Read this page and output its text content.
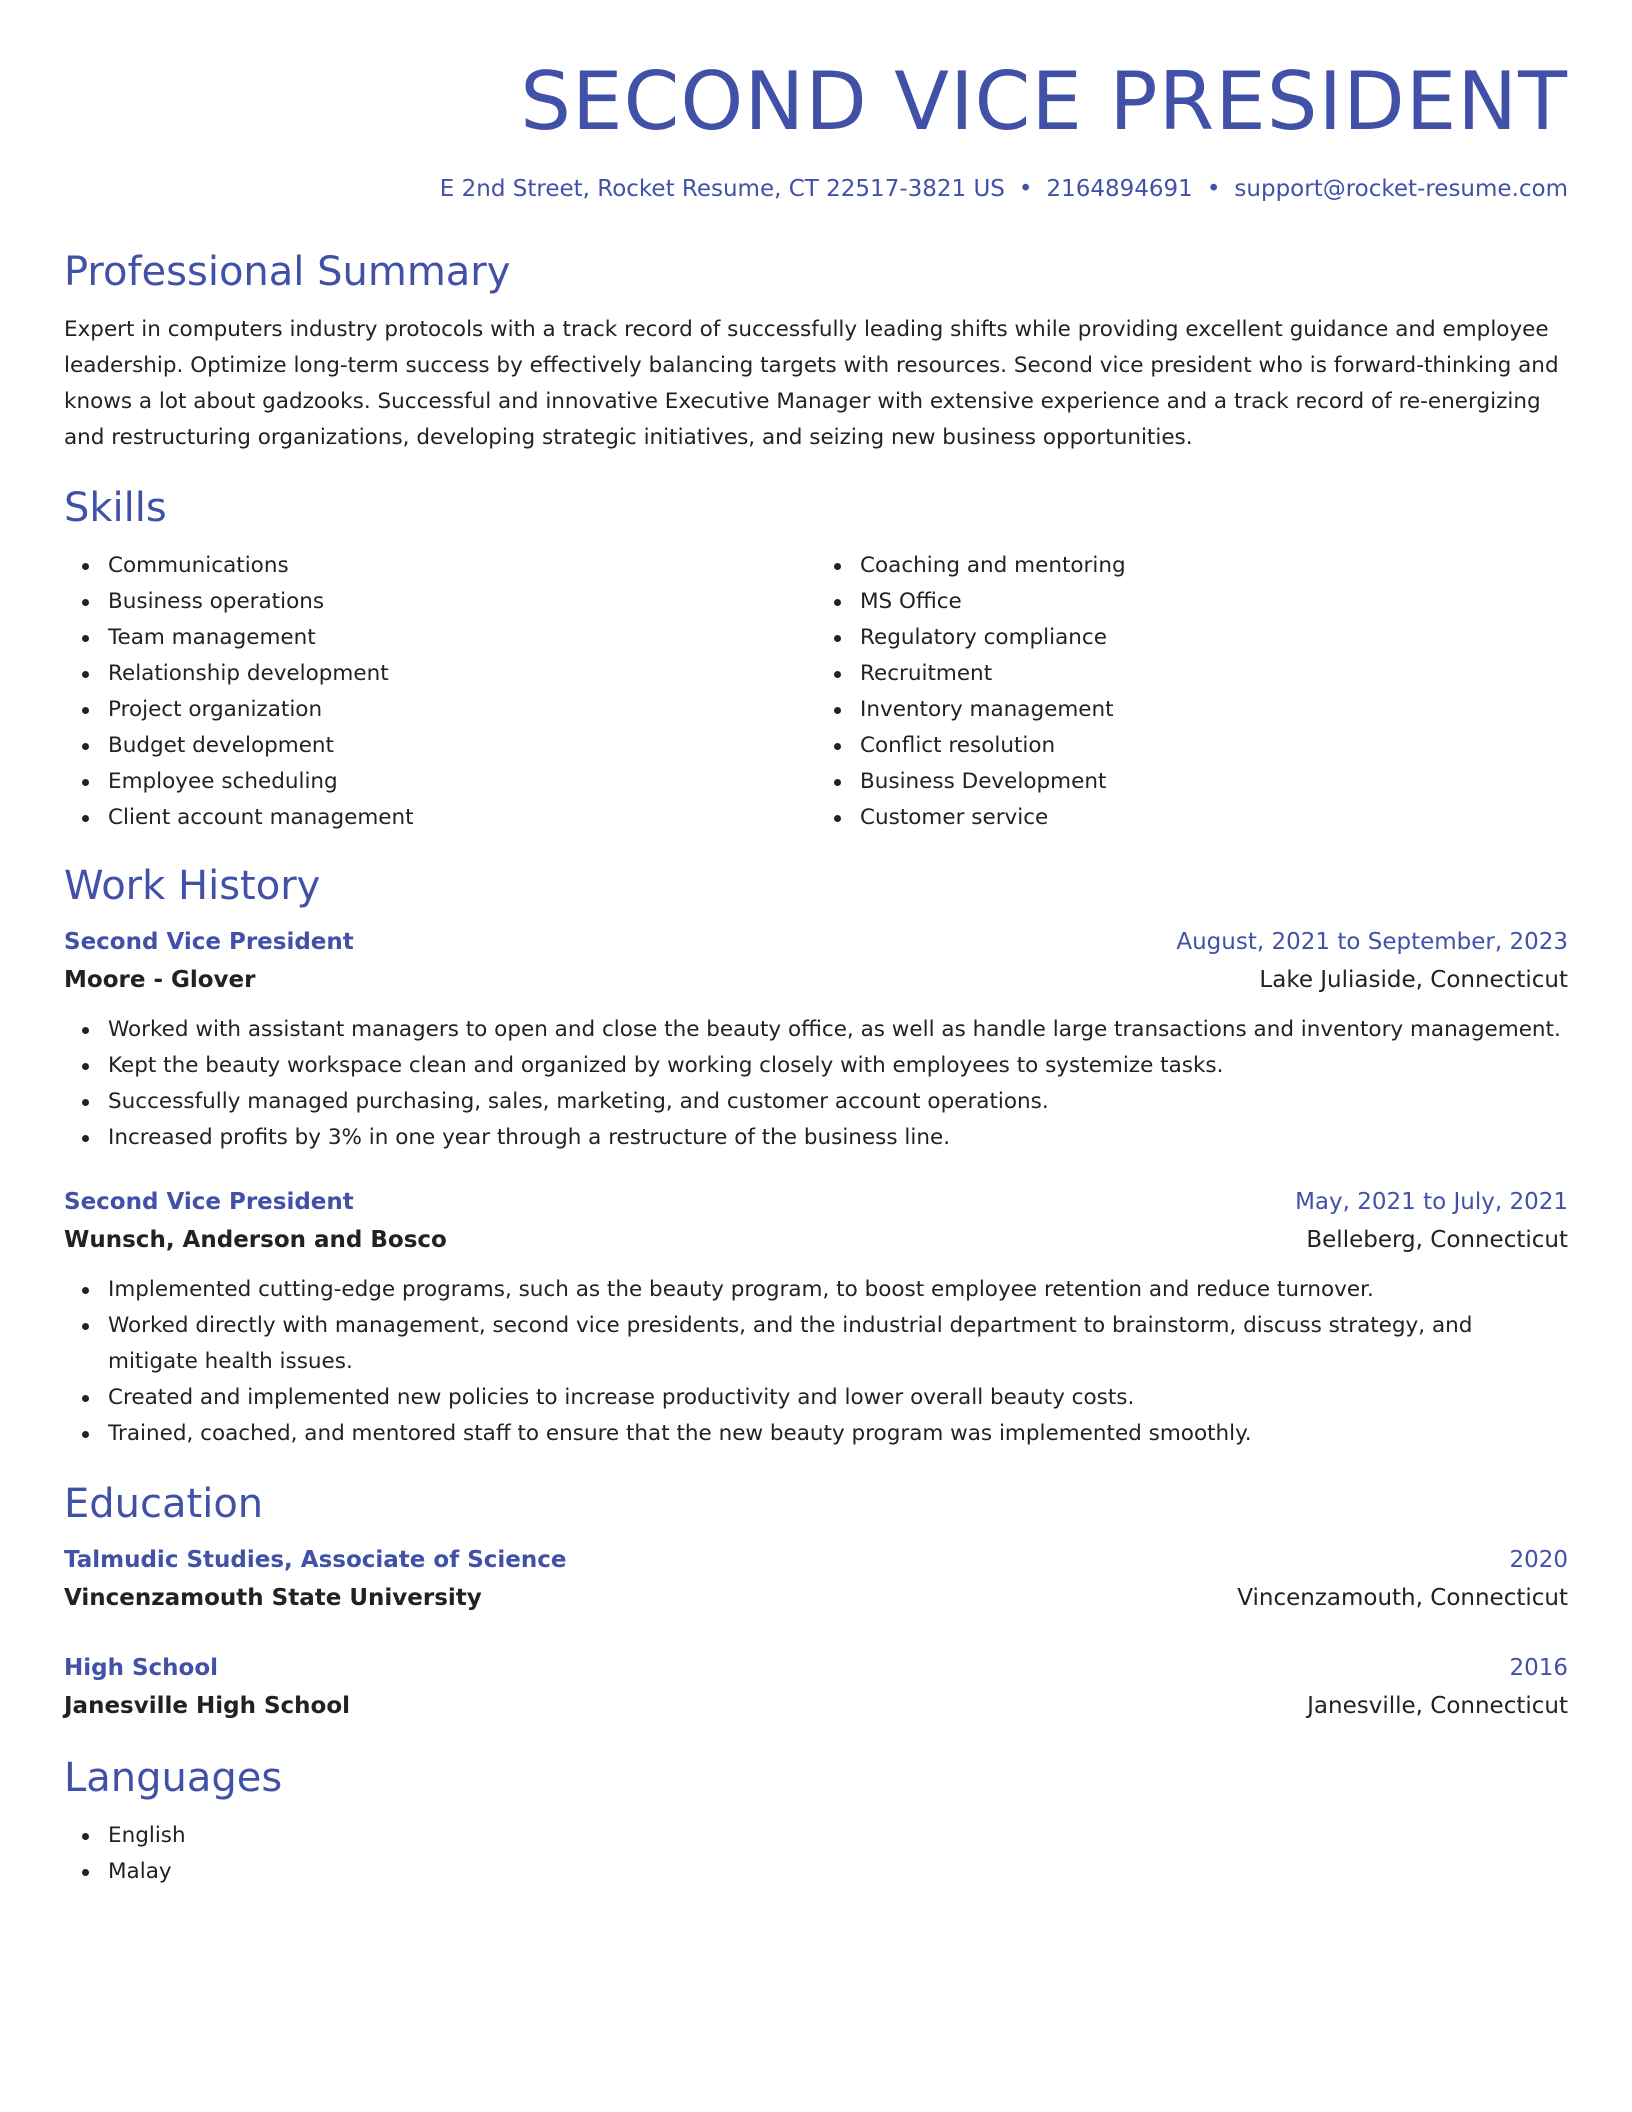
SECOND VICE PRESIDENT
E 2nd Street, Rocket Resume, CT 22517-3821 US • 2164894691 • support@rocket-resume.com
Professional Summary

Expert in computers industry protocols with a track record of successfully leading shifts while providing excellent guidance and employee leadership. Optimize long-term success by effectively balancing targets with resources. Second vice president who is forward-thinking and knows a lot about gadzooks. Successful and innovative Executive Manager with extensive experience and a track record of re-energizing and restructuring organizations, developing strategic initiatives, and seizing new business opportunities.

Skills
Communications
Business operations
Team management
Relationship development
Project organization
Budget development
Employee scheduling
Client account management
Coaching and mentoring
MS Office
Regulatory compliance
Recruitment
Inventory management
Conflict resolution
Business Development
Customer service
Work History
Second Vice President	August, 2021 to September, 2023
Moore - Glover	Lake Juliaside, Connecticut
Worked with assistant managers to open and close the beauty office, as well as handle large transactions and inventory management.
Kept the beauty workspace clean and organized by working closely with employees to systemize tasks.
Successfully managed purchasing, sales, marketing, and customer account operations.
Increased profits by 3% in one year through a restructure of the business line.
Second Vice President	May, 2021 to July, 2021
Wunsch, Anderson and Bosco	Belleberg, Connecticut
Implemented cutting-edge programs, such as the beauty program, to boost employee retention and reduce turnover.
Worked directly with management, second vice presidents, and the industrial department to brainstorm, discuss strategy, and mitigate health issues.
Created and implemented new policies to increase productivity and lower overall beauty costs.
Trained, coached, and mentored staff to ensure that the new beauty program was implemented smoothly.
Education
Talmudic Studies, Associate of Science	2020
Vincenzamouth State University	Vincenzamouth, Connecticut
High School	2016
Janesville High School	Janesville, Connecticut
Languages
English
Malay
